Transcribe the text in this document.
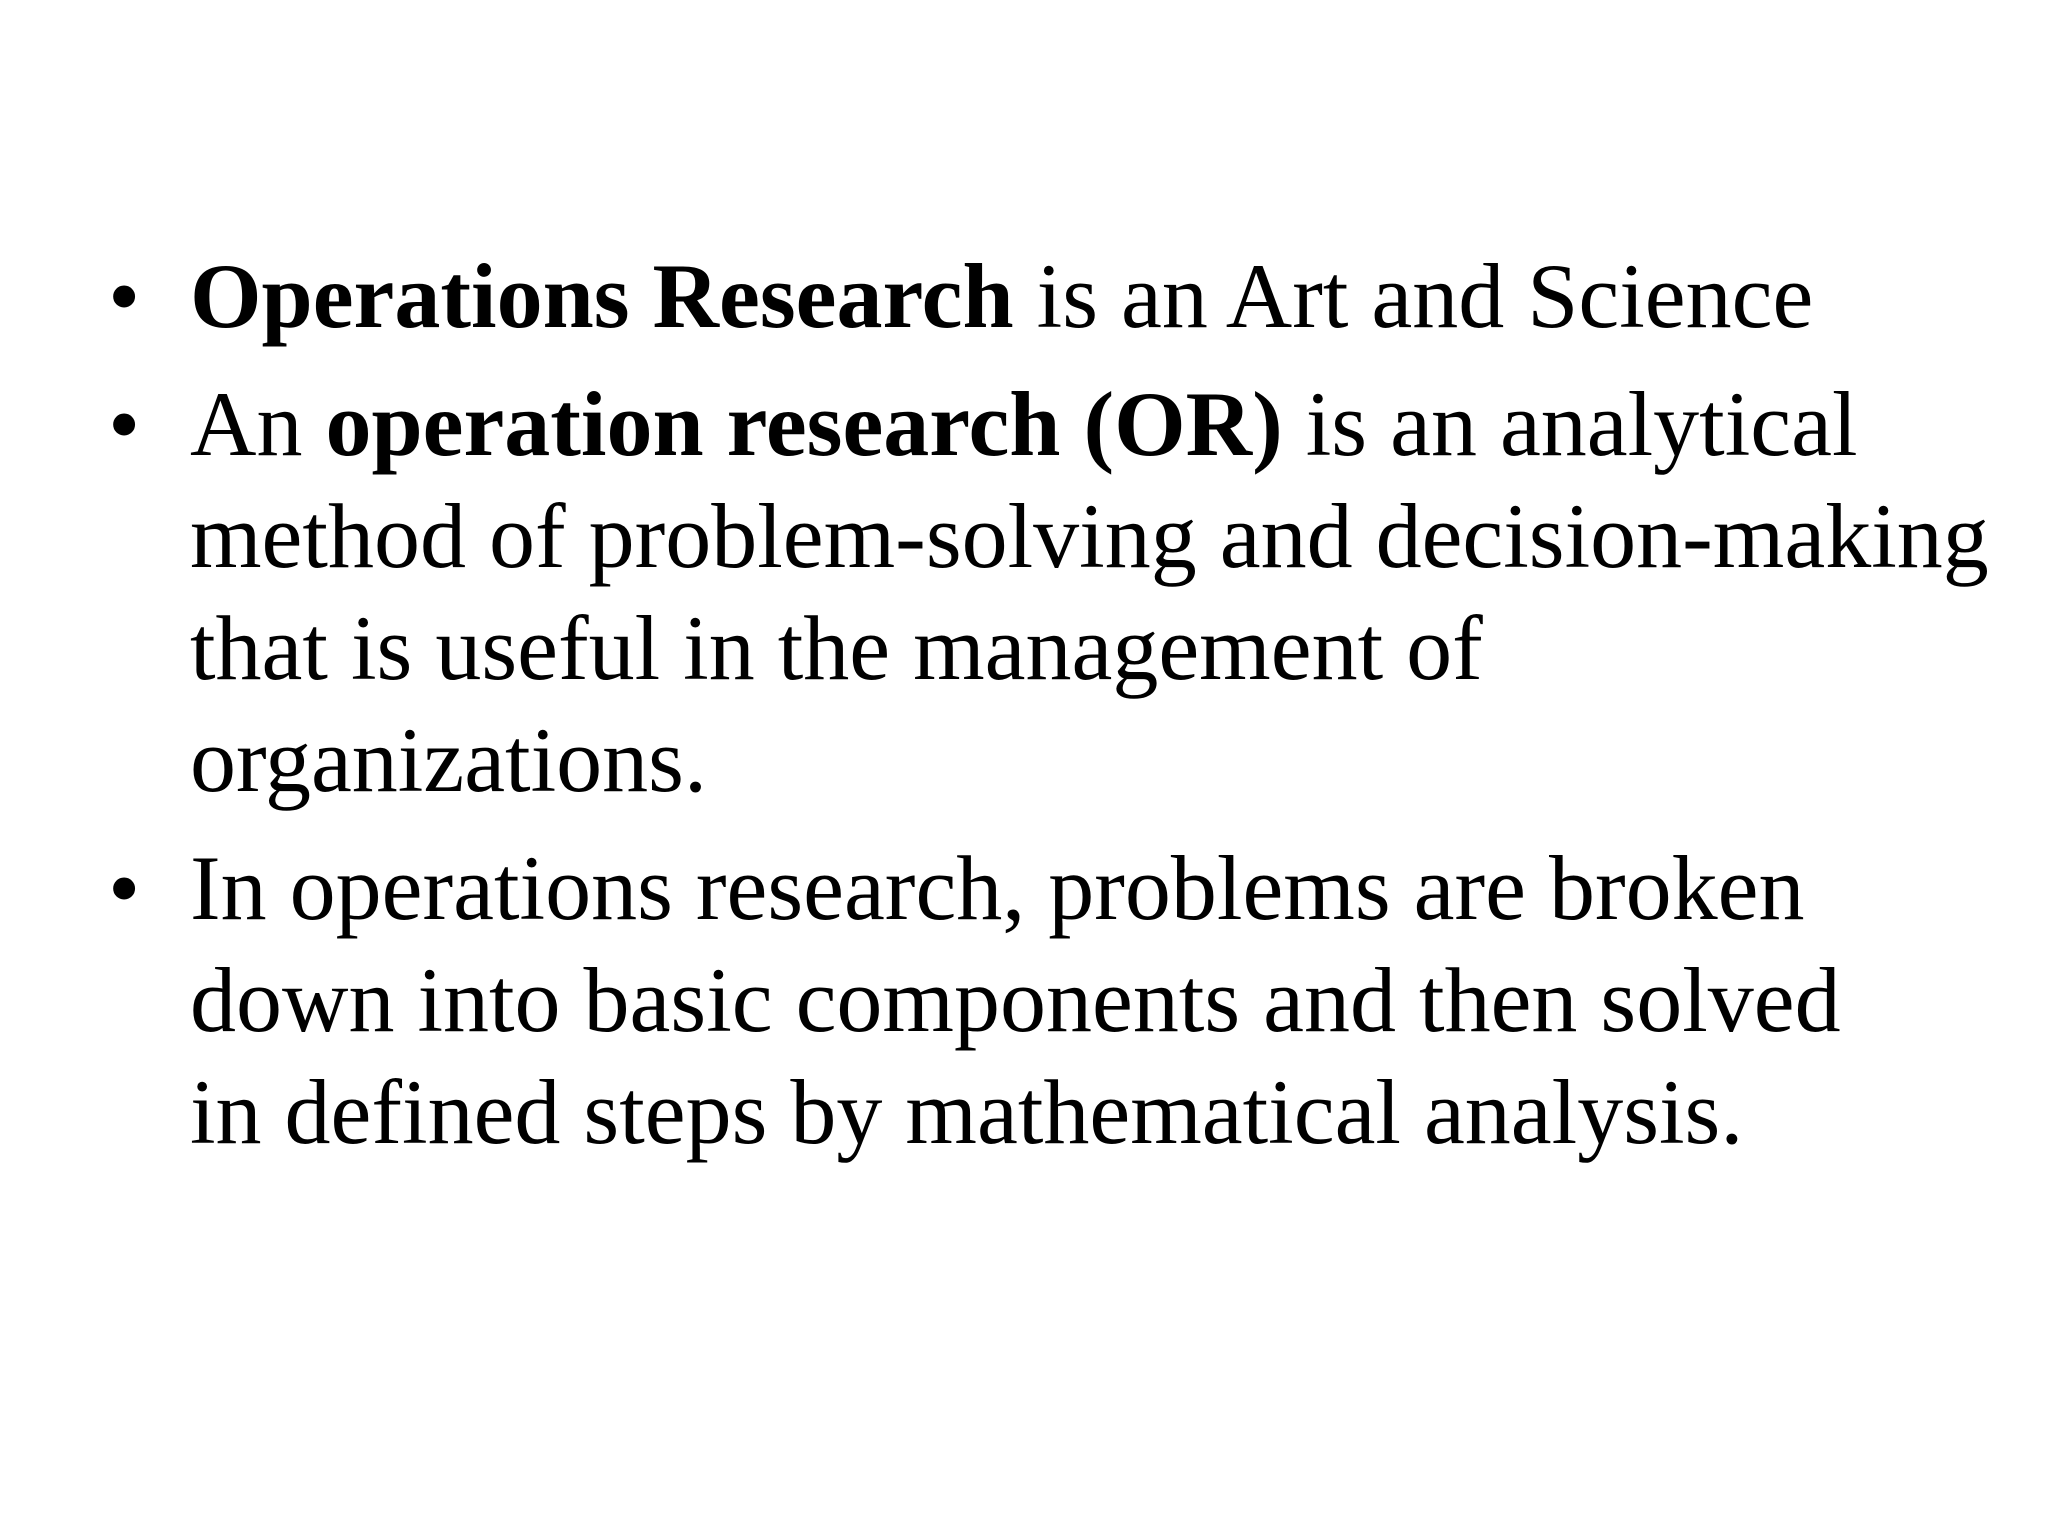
• Operations Research is an Art and Science
• An operation research (OR) is an analytical
method of problem-solving and decision-making
that is useful in the management of
organizations.
• In operations research, problems are broken
down into basic components and then solved
in defined steps by mathematical analysis.
